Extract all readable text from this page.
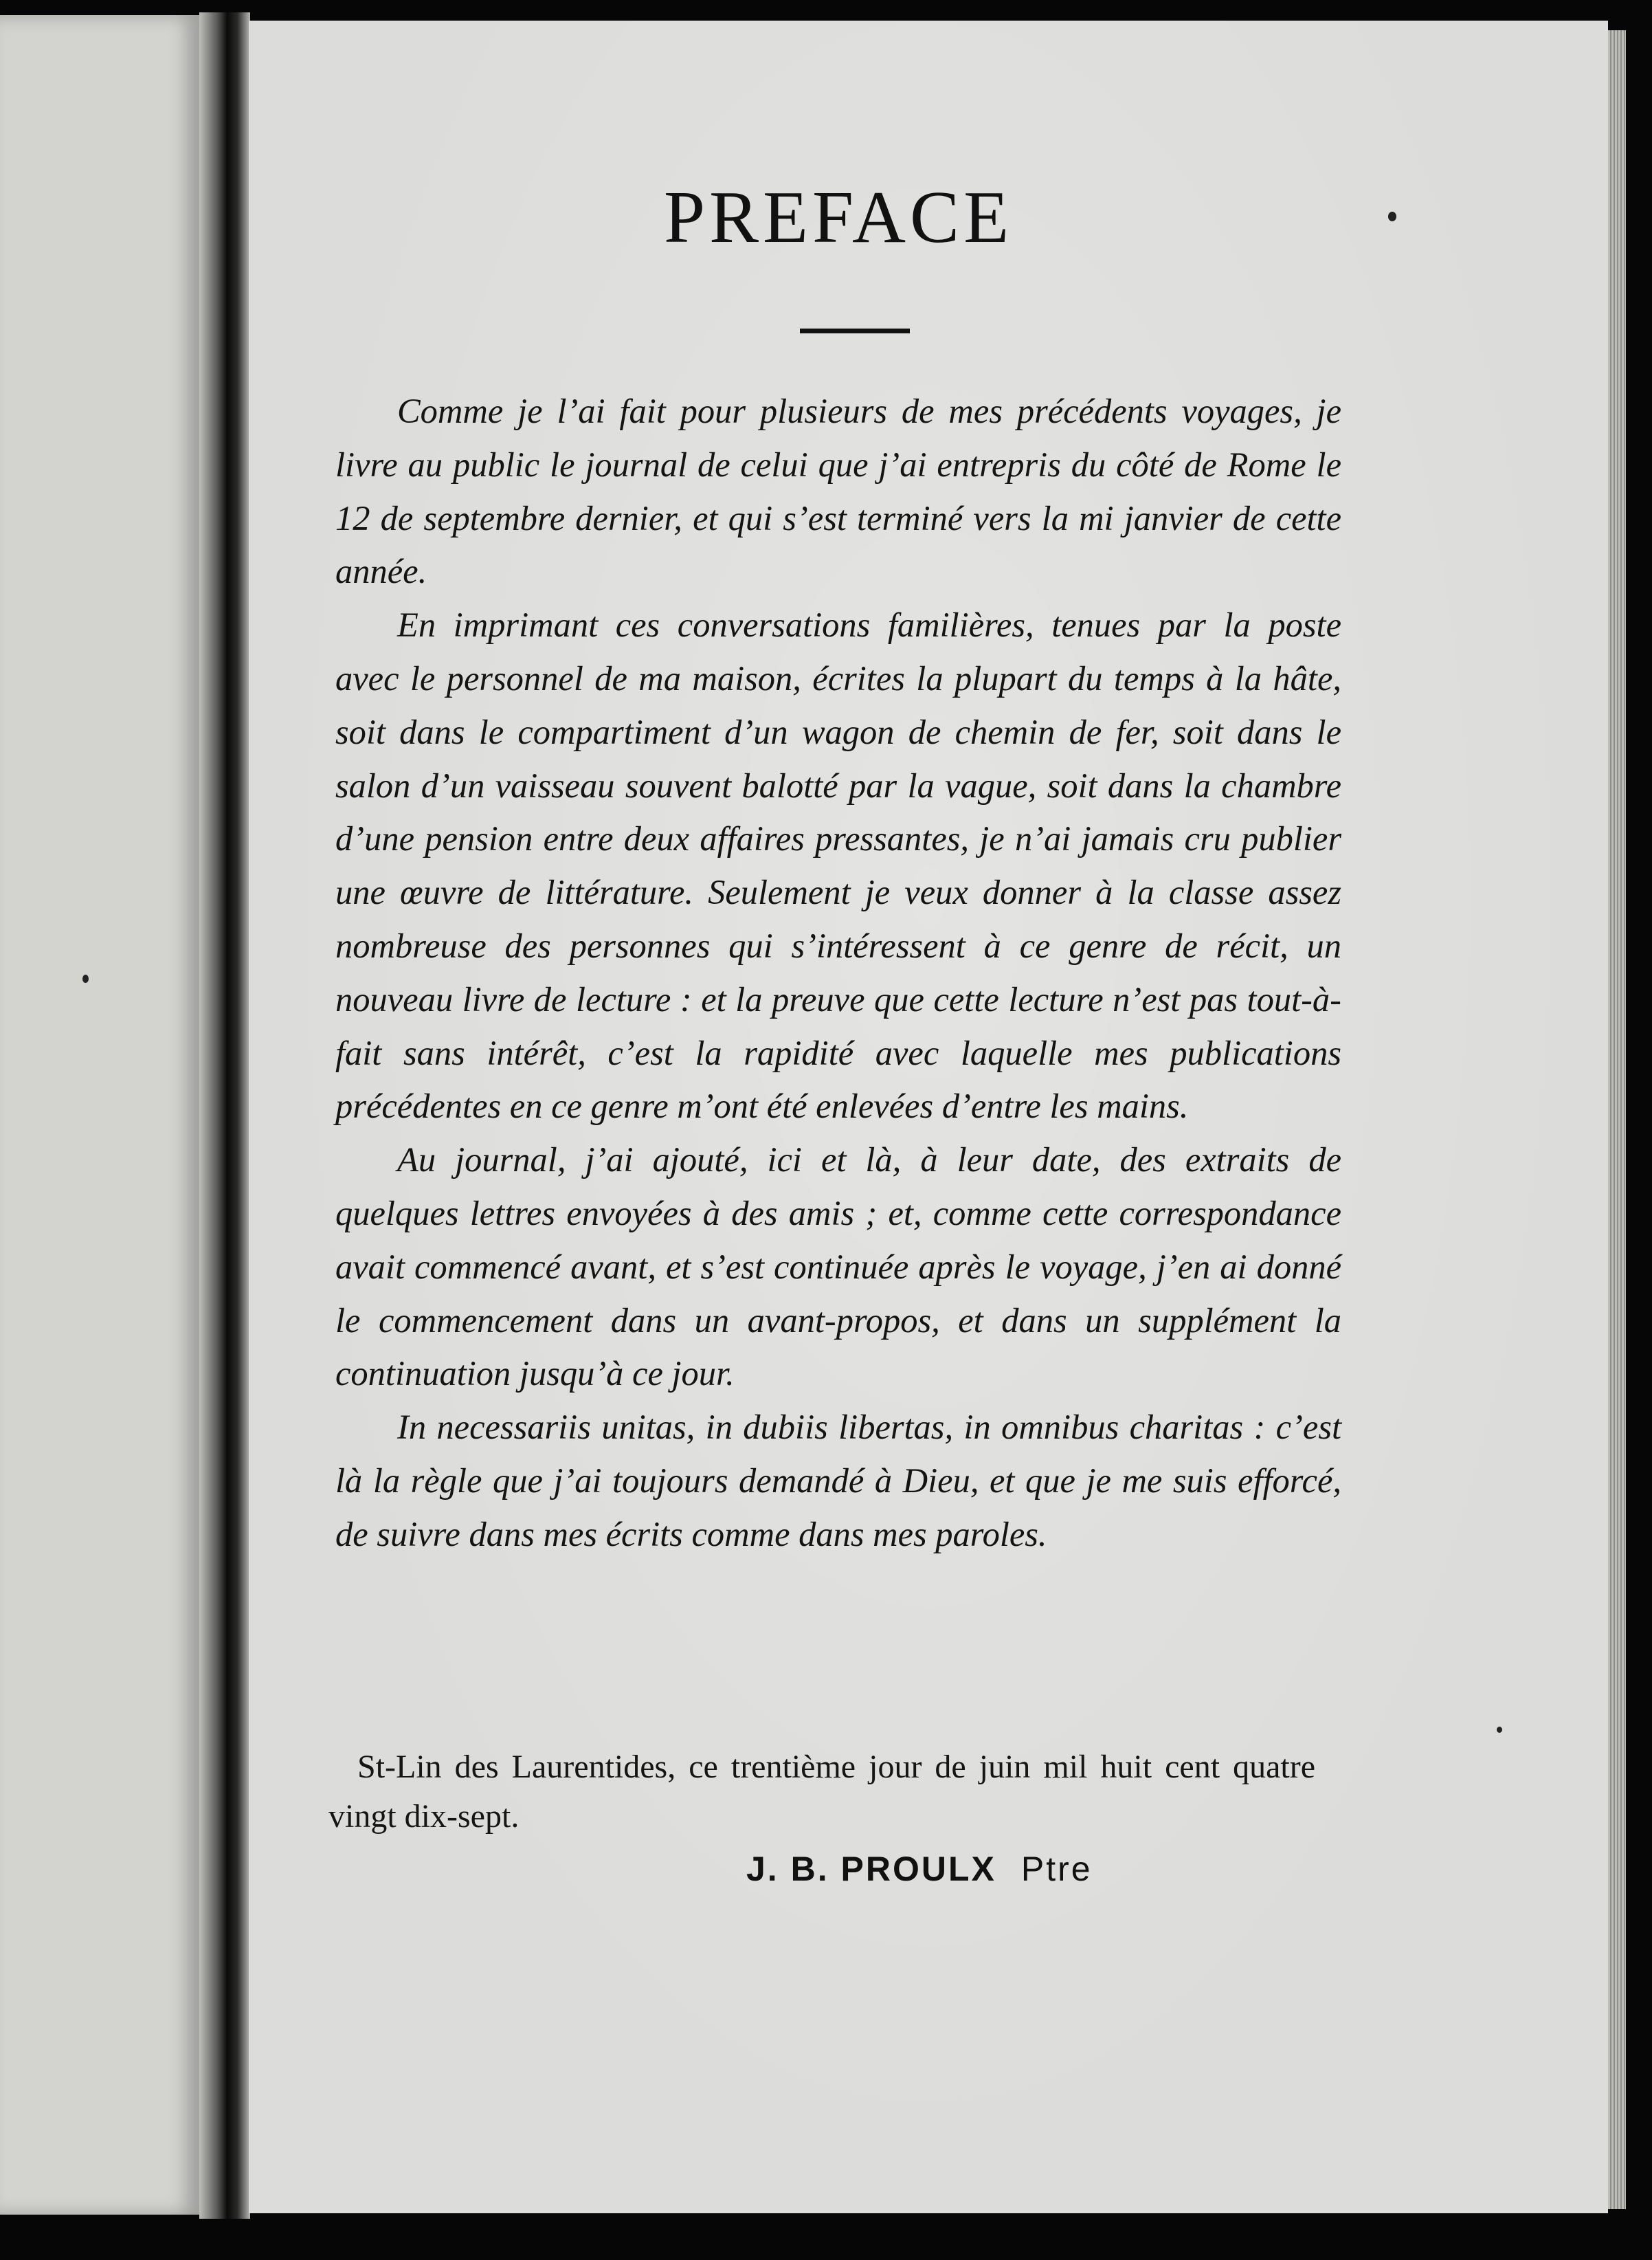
PREFACE

Comme je l’ai fait pour plusieurs de mes précédents voyages, je livre au public le journal de celui que j’ai entrepris du côté de Rome le 12 de septembre dernier, et qui s’est terminé vers la mi janvier de cette année.

En imprimant ces conversations familières, tenues par la poste avec le personnel de ma maison, écrites la plupart du temps à la hâte, soit dans le compartiment d’un wagon de chemin de fer, soit dans le salon d’un vaisseau souvent balotté par la vague, soit dans la chambre d’une pension entre deux affaires pressantes, je n’ai jamais cru publier une œuvre de littérature. Seulement je veux donner à la classe assez nombreuse des personnes qui s’intéressent à ce genre de récit, un nouveau livre de lecture : et la preuve que cette lecture n’est pas tout-à-fait sans intérêt, c’est la rapidité avec laquelle mes publications précédentes en ce genre m’ont été enlevées d’entre les mains.

Au journal, j’ai ajouté, ici et là, à leur date, des extraits de quelques lettres envoyées à des amis ; et, comme cette correspondance avait commencé avant, et s’est continuée après le voyage, j’en ai donné le commencement dans un avant-propos, et dans un supplément la continuation jusqu’à ce jour.

In necessariis unitas, in dubiis libertas, in omnibus charitas : c’est là la règle que j’ai toujours demandé à Dieu, et que je me suis efforcé, de suivre dans mes écrits comme dans mes paroles.

St-Lin des Laurentides, ce trentième jour de juin mil huit cent quatre vingt dix-sept.
J. B. PROULX Ptre
